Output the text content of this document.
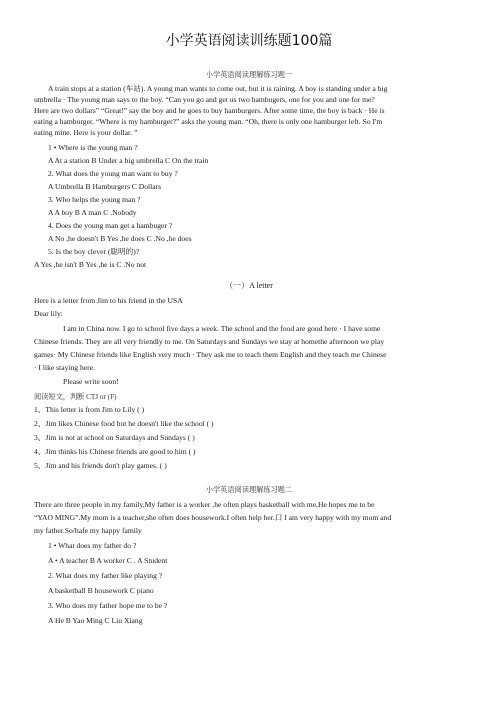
小学英语阅读训练题100篇
小学英语阅读理解练习题一
A train stops at a station (车站). A young man wants to come out, but it is raining. A boy is standing under a big
umbrella · The young man says to the boy. “Can you go and get us two hambugers, one for you and one for me?
Here are two dollars” “Great!” say the boy and he goes to buy hamburgers. After some time, the boy is back · He is
eating a hamburger. “Where is my hamburger?” asks the young man. “Oh, there is only one hamburger left. So I'm
eating mine. Here is your dollar. ”
1 • Where is the young man ?
A At a station B Under a big umbrella C On the train
2. What does the young man want to buy ?
A Umbrella B Hamburgers C Dollars
3. Who helps the young man ?
A A boy B A man C .Nobody
4. Does the young man get a hambuger ?
A No ,he doesn't B Yes ,he does C .No ,he does
5. Is the boy clever (聪明的)?
A Yes ,he isn't B Yes ,he is C .No not
（一）A letter
Here is a letter from Jim to his friend in the USA
Dear lily:
I am in China now. I go to school five days a week. The school and the food are good here · I have some
Chinese friends. They are all very friendly to me. On Saturdays and Sundays we stay at homethe afternoon we play
games· My Chinese friends like English very much · They ask me to teach them English and they teach me Chinese
· I like staying here.
Please write soon!
阅读短文，判断 CTJ or (F)
1、This letter is from Jim to Lily ( )
2、Jim likes Chinese food but he doesn't like the school ( )
3、Jim is not at school on Saturdays and Sundays ( )
4、Jim thinks his Chinese friends are good to him ( )
5、Jim and his friends don't play games. ( )
小学英语阅读理解练习题二
There are three people in my family,My father is a worker ,he often plays basketball with me,He hopes me to be
“YAO MING”.My mom is a teacher,she often does housework.I often help her.口 I am very happy with my mom and
my father.So/hafe my happy family
1 • What does my father do ?
A • A teacher B A worker C . A Student
2. What does my father like playing ?
A basketball B housework C piano
3. Who does my father hope me to be ?
A He B Yao Ming C Liu Xiang
